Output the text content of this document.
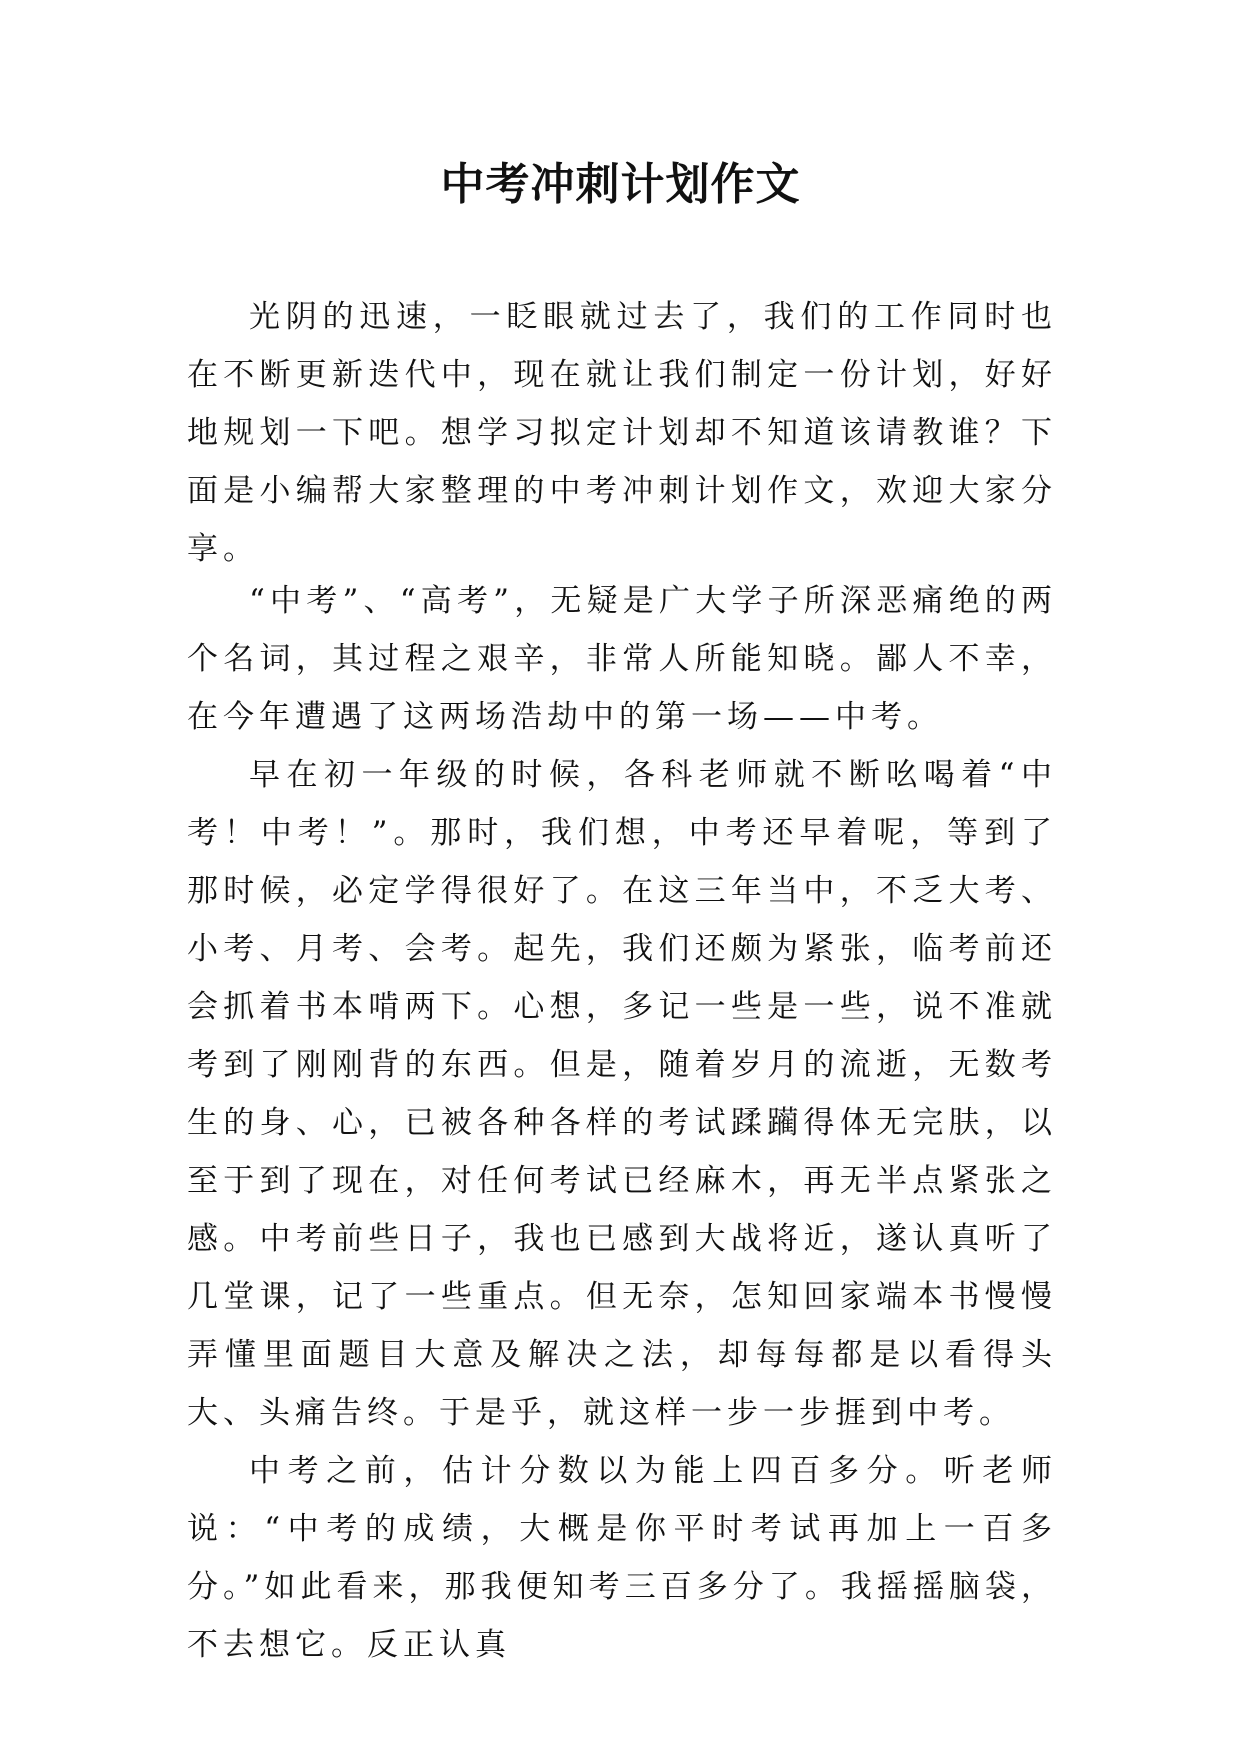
中考冲刺计划作文

光阴的迅速，一眨眼就过去了，我们的工作同时也在不断更新迭代中，现在就让我们制定一份计划，好好地规划一下吧。想学习拟定计划却不知道该请教谁？下面是小编帮大家整理的中考冲刺计划作文，欢迎大家分享。

“中考”、“高考”，无疑是广大学子所深恶痛绝的两个名词，其过程之艰辛，非常人所能知晓。鄙人不幸，在今年遭遇了这两场浩劫中的第一场——中考。

早在初一年级的时候，各科老师就不断吆喝着“中考！中考！”。那时，我们想，中考还早着呢，等到了那时候，必定学得很好了。在这三年当中，不乏大考、小考、月考、会考。起先，我们还颇为紧张，临考前还会抓着书本啃两下。心想，多记一些是一些，说不准就考到了刚刚背的东西。但是，随着岁月的流逝，无数考生的身、心，已被各种各样的考试蹂躏得体无完肤，以至于到了现在，对任何考试已经麻木，再无半点紧张之感。中考前些日子，我也已感到大战将近，遂认真听了几堂课，记了一些重点。但无奈，怎知回家端本书慢慢弄懂里面题目大意及解决之法，却每每都是以看得头大、头痛告终。于是乎，就这样一步一步捱到中考。

中考之前，估计分数以为能上四百多分。听老师说：“中考的成绩，大概是你平时考试再加上一百多分。”如此看来，那我便知考三百多分了。我摇摇脑袋，不去想它。反正认真
